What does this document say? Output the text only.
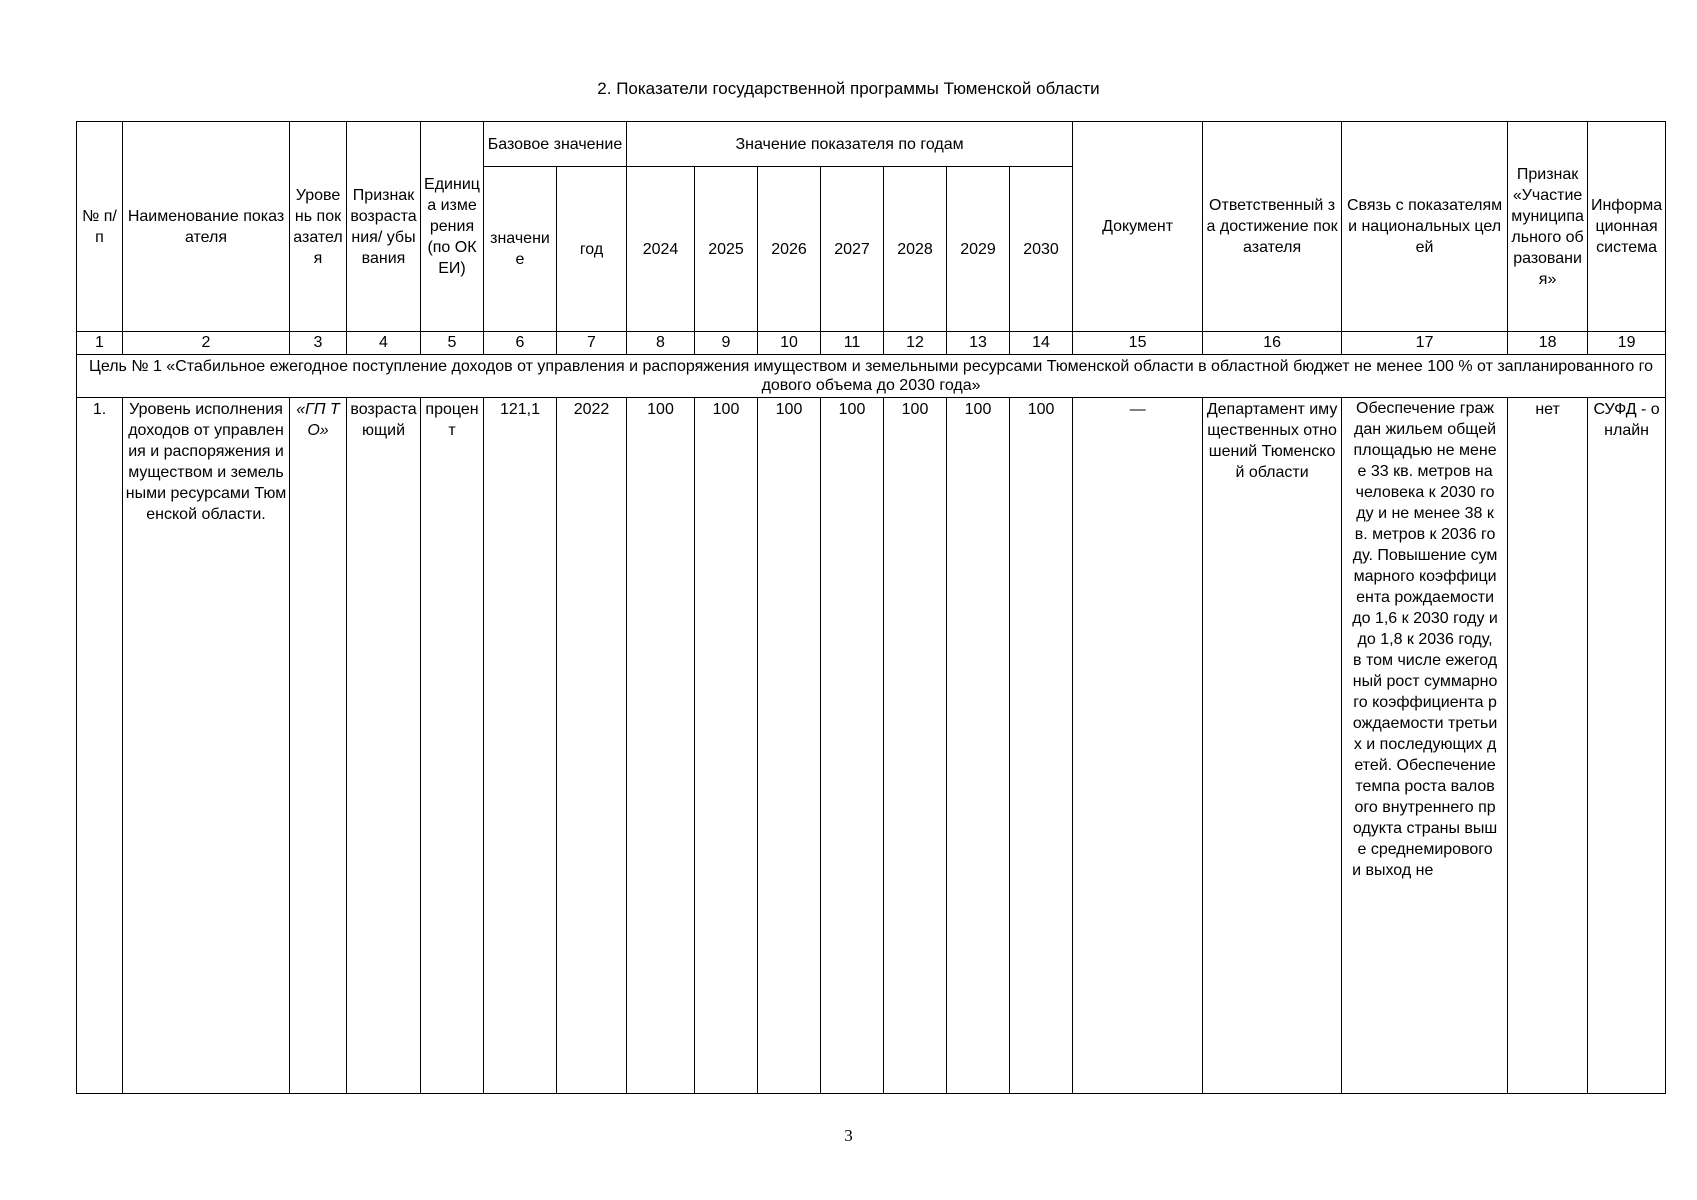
2. Показатели государственной программы Тюменской области
№ п/п	Наименование показателя	Уровень показателя	Признак возрастания/ убывания	Единица измерения (по ОКЕИ)	Базовое значение		Значение показателя по годам							Документ	Ответственный за достижение показателя	Связь с показателями национальных целей	Признак «Участие муниципального образования»	Информационная система
					значение	год	2024	2025	2026	2027	2028	2029	2030					
1	2	3	4	5	6	7	8	9	10	11	12	13	14	15	16	17	18	19
Цель № 1 «Стабильное ежегодное поступление доходов от управления и распоряжения имуществом и земельными ресурсами Тюменской области в областной бюджет не менее 100 % от запланированного годового объема до 2030 года»																		
1.	Уровень исполнения доходов от управления и распоряжения имуществом и земельными ресурсами Тюменской области.	«ГП ТО»	возрастающий	процент	121,1	2022	100	100	100	100	100	100	100	—	Департамент имущественных отношений Тюменской области	Обеспечение граждан жильем общей площадью не менее 33 кв. метров на человека к 2030 году и не менее 38 кв. метров к 2036 году. Повышение суммарного коэффициента рождаемости до 1,6 к 2030 году и до 1,8 к 2036 году, в том числе ежегодный рост суммарного коэффициента рождаемости третьих и последующих детей. Обеспечение темпа роста валового внутреннего продукта страны выше среднемирового и выход не	нет	СУФД - онлайн
3
